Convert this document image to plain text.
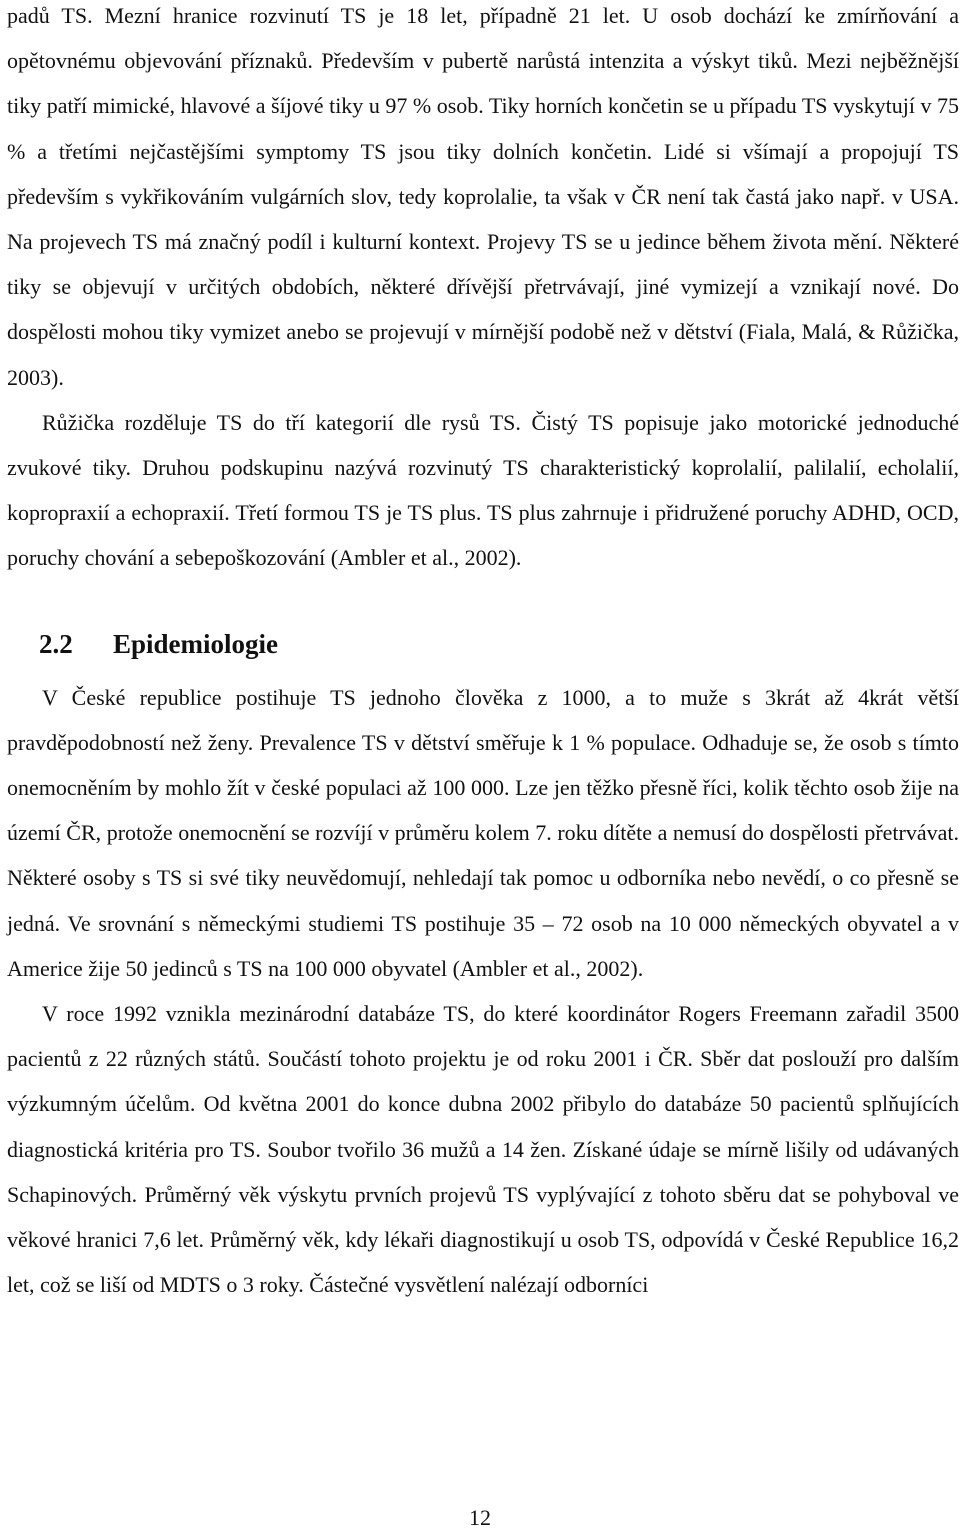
padů TS. Mezní hranice rozvinutí TS je 18 let, případně 21 let. U osob dochází ke zmírňování a opětovnému objevování příznaků. Především v pubertě narůstá intenzita a výskyt tiků. Mezi nejběžnější tiky patří mimické, hlavové a šíjové tiky u 97 % osob. Tiky horních končetin se u případu TS vyskytují v 75 % a třetími nejčastějšími symptomy TS jsou tiky dolních končetin. Lidé si všímají a propojují TS především s vykřikováním vulgárních slov, tedy koprolalie, ta však v ČR není tak častá jako např. v USA. Na projevech TS má značný podíl i kulturní kontext. Projevy TS se u jedince během života mění. Některé tiky se objevují v určitých obdobích, některé dřívější přetrvávají, jiné vymizejí a vznikají nové. Do dospělosti mohou tiky vymizet anebo se projevují v mírnější podobě než v dětství (Fiala, Malá, & Růžička, 2003).

Růžička rozděluje TS do tří kategorií dle rysů TS. Čistý TS popisuje jako motorické jednoduché zvukové tiky. Druhou podskupinu nazývá rozvinutý TS charakteristický koprolalií, palilalií, echolalií, kopropraxií a echopraxií. Třetí formou TS je TS plus. TS plus zahrnuje i přidružené poruchy ADHD, OCD, poruchy chování a sebepoškozování (Ambler et al., 2002).

2.2	Epidemiologie

V České republice postihuje TS jednoho člověka z 1000, a to muže s 3krát až 4krát větší pravděpodobností než ženy. Prevalence TS v dětství směřuje k 1 % populace. Odhaduje se, že osob s tímto onemocněním by mohlo žít v české populaci až 100 000. Lze jen těžko přesně říci, kolik těchto osob žije na území ČR, protože onemocnění se rozvíjí v průměru kolem 7. roku dítěte a nemusí do dospělosti přetrvávat. Některé osoby s TS si své tiky neuvědomují, nehledají tak pomoc u odborníka nebo nevědí, o co přesně se jedná. Ve srovnání s německými studiemi TS postihuje 35 – 72 osob na 10 000 německých obyvatel a v Americe žije 50 jedinců s TS na 100 000 obyvatel (Ambler et al., 2002).

V roce 1992 vznikla mezinárodní databáze TS, do které koordinátor Rogers Freemann zařadil 3500 pacientů z 22 různých států. Součástí tohoto projektu je od roku 2001 i ČR. Sběr dat poslouží pro dalším výzkumným účelům. Od května 2001 do konce dubna 2002 přibylo do databáze 50 pacientů splňujících diagnostická kritéria pro TS. Soubor tvořilo 36 mužů a 14 žen. Získané údaje se mírně lišily od udávaných Schapinových. Průměrný věk výskytu prvních projevů TS vyplývající z tohoto sběru dat se pohyboval ve věkové hranici 7,6 let. Průměrný věk, kdy lékaři diagnostikují u osob TS, odpovídá v České Republice 16,2 let, což se liší od MDTS o 3 roky. Částečné vysvětlení nalézají odborníci

12
